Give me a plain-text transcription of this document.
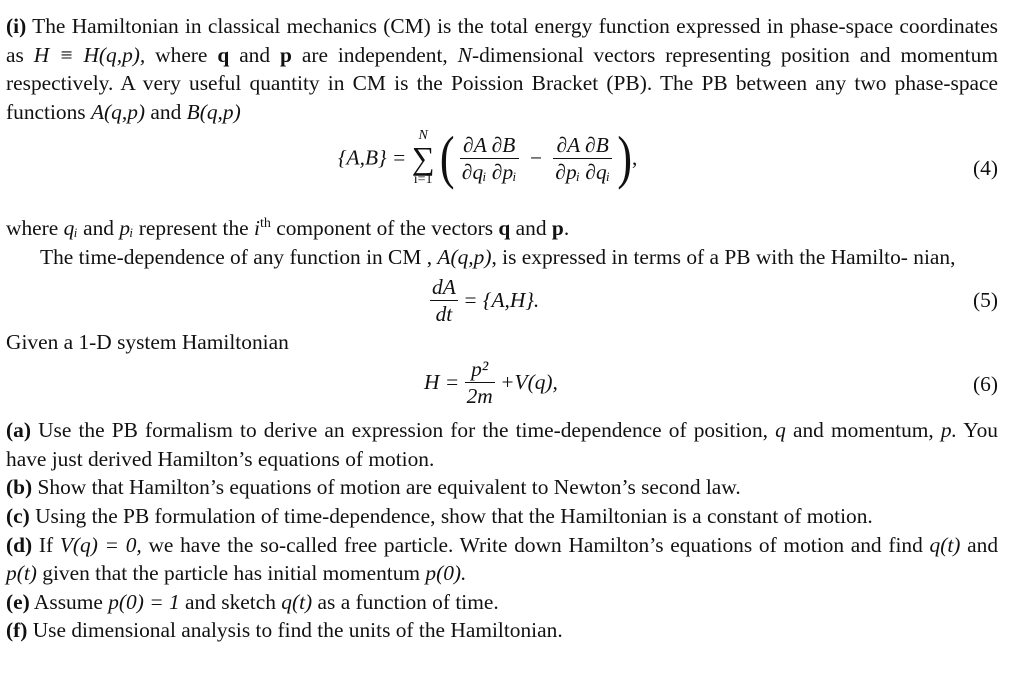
(i) The Hamiltonian in classical mechanics (CM) is the total energy function expressed in phase-space coordinates as H ≡ H(q,p), where q and p are independent, N-dimensional vectors representing position and momentum respectively. A very useful quantity in CM is the Poission Bracket (PB). The PB between any two phase-space functions A(q,p) and B(q,p)

{A,B} =
N
∑
i=1 ( $\frac{\partial A \partial B}{\text{∂qᵢ ∂pᵢ}} - \frac{\partial A \partial B}{\text{∂pᵢ ∂qᵢ}}$ ),	(4)

where qᵢ and pᵢ represent the $i^{th}$ component of the vectors q and p.

The time-dependence of any function in CM , A(q,p), is expressed in terms of a PB with the Hamilto- nian,

$\frac{dA}{dt} = \{A,H\}$.	(5)

Given a 1-D system Hamiltonian

$H = \frac{\text{p²}}{2m} +V(q)$,	(6)

(a) Use the PB formalism to derive an expression for the time-dependence of position, q and momentum, p. You have just derived Hamilton’s equations of motion.

(b) Show that Hamilton’s equations of motion are equivalent to Newton’s second law.

(c) Using the PB formulation of time-dependence, show that the Hamiltonian is a constant of motion.

(d) If V(q) = 0, we have the so-called free particle. Write down Hamilton’s equations of motion and find q(t) and p(t) given that the particle has initial momentum p(0).

(e) Assume p(0) = 1 and sketch q(t) as a function of time.

(f) Use dimensional analysis to find the units of the Hamiltonian.
